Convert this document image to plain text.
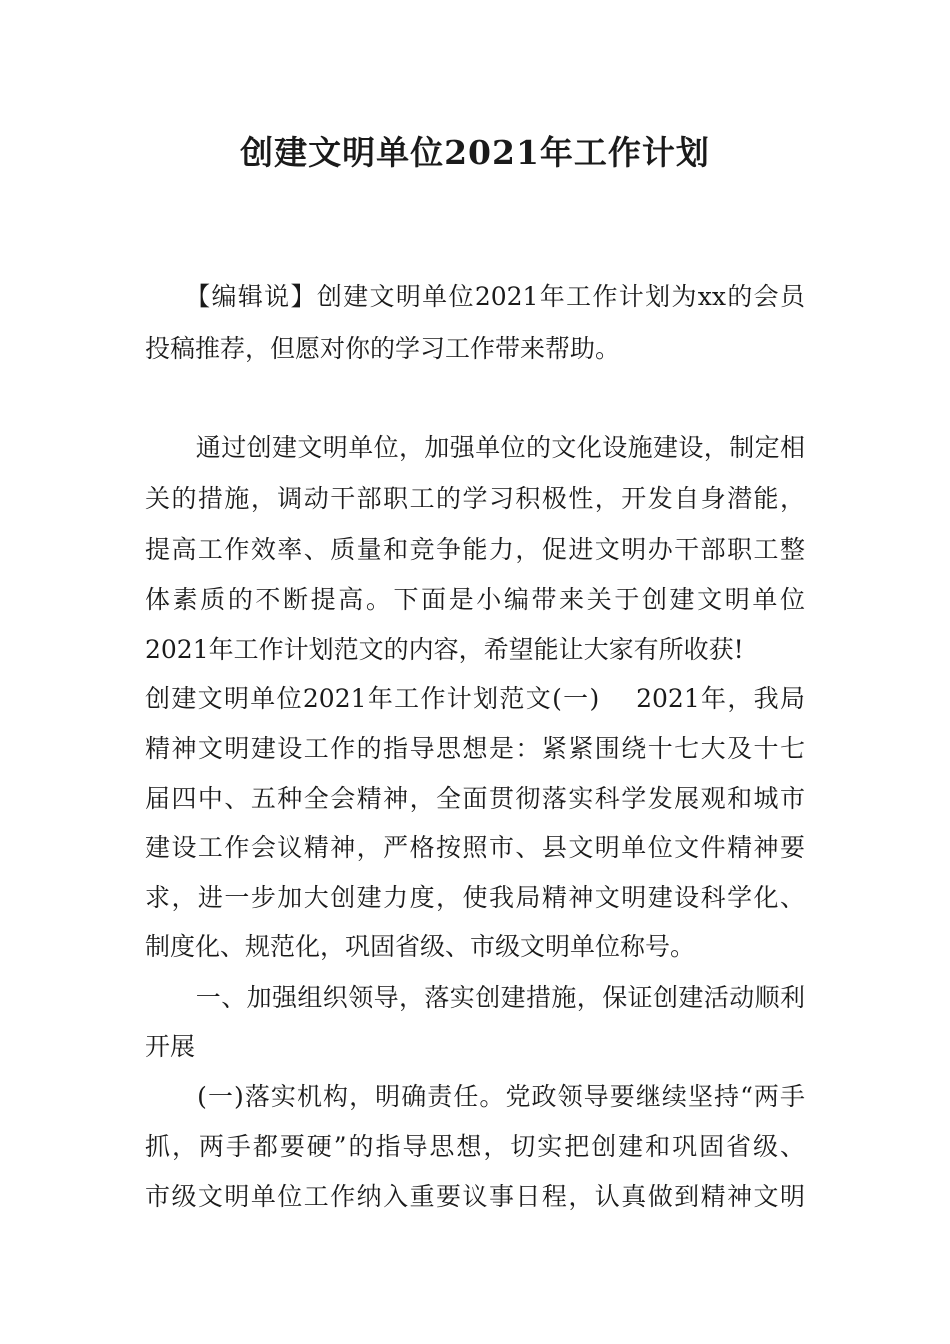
创建文明单位2021年工作计划

　　【编辑说】创建文明单位2021年工作计划为xx的会员

投稿推荐，但愿对你的学习工作带来帮助。

　　通过创建文明单位，加强单位的文化设施建设，制定相

关的措施，调动干部职工的学习积极性，开发自身潜能，

提高工作效率、质量和竞争能力，促进文明办干部职工整

体素质的不断提高。下面是小编带来关于创建文明单位

2021年工作计划范文的内容，希望能让大家有所收获!

创建文明单位2021年工作计划范文(一)　 2021年，我局

精神文明建设工作的指导思想是：紧紧围绕十七大及十七

届四中、五种全会精神，全面贯彻落实科学发展观和城市

建设工作会议精神，严格按照市、县文明单位文件精神要

求，进一步加大创建力度，使我局精神文明建设科学化、

制度化、规范化，巩固省级、市级文明单位称号。

　　一、加强组织领导，落实创建措施，保证创建活动顺利

开展

　　(一)落实机构，明确责任。党政领导要继续坚持“两手

抓，两手都要硬”的指导思想，切实把创建和巩固省级、

市级文明单位工作纳入重要议事日程，认真做到精神文明
